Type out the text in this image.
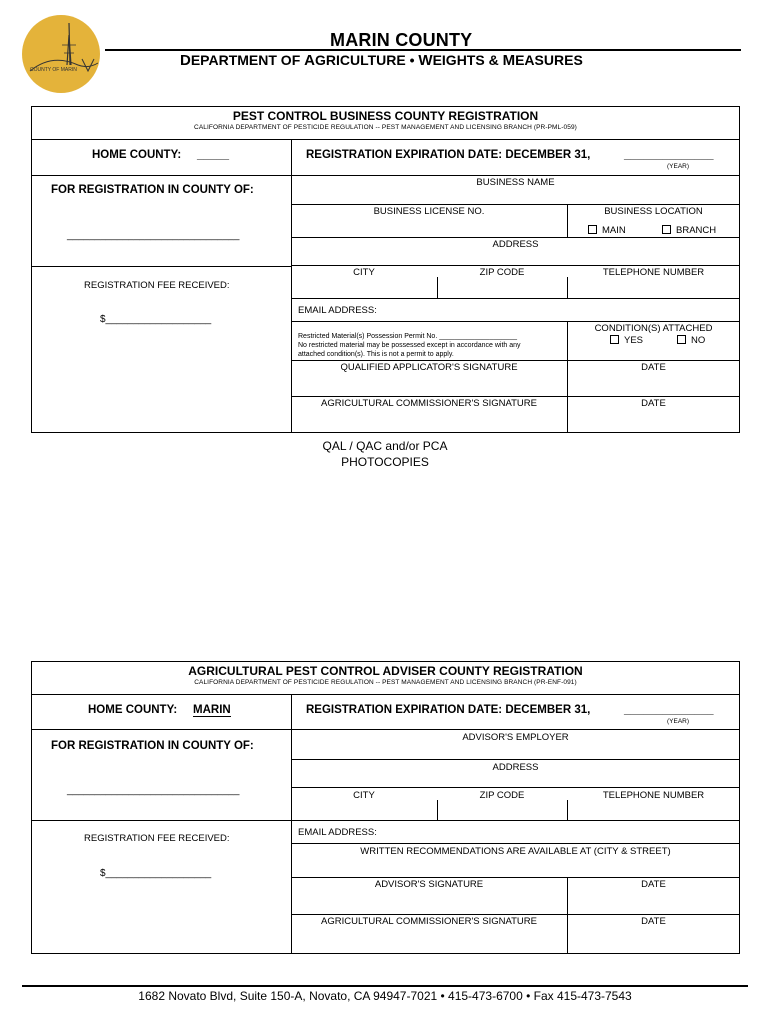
COUNTY OF MARIN
MARIN COUNTY
DEPARTMENT OF AGRICULTURE • WEIGHTS & MEASURES
PEST CONTROL BUSINESS COUNTY REGISTRATION
CALIFORNIA DEPARTMENT OF PESTICIDE REGULATION -- PEST MANAGEMENT AND LICENSING BRANCH (PR-PML-059)
HOME COUNTY: _____
FOR REGISTRATION IN COUNTY OF:
_______________________________
REGISTRATION FEE RECEIVED:
$___________________
REGISTRATION EXPIRATION DATE: DECEMBER 31,	______________
(YEAR)
BUSINESS NAME
BUSINESS LICENSE NO.	BUSINESS LOCATION
MAIN	BRANCH
ADDRESS
CITY	ZIP CODE	TELEPHONE NUMBER
EMAIL ADDRESS:
Restricted Material(s) Possession Permit No. ____________________
No restricted material may be possessed except in accordance with any
attached condition(s). This is not a permit to apply.
CONDITION(S) ATTACHED
YES	NO
QUALIFIED APPLICATOR'S SIGNATURE	DATE
AGRICULTURAL COMMISSIONER'S SIGNATURE	DATE
QAL / QAC and/or PCA
PHOTOCOPIES
AGRICULTURAL PEST CONTROL ADVISER COUNTY REGISTRATION
CALIFORNIA DEPARTMENT OF PESTICIDE REGULATION -- PEST MANAGEMENT AND LICENSING BRANCH (PR-ENF-091)
HOME COUNTY: MARIN
FOR REGISTRATION IN COUNTY OF:
_______________________________
REGISTRATION FEE RECEIVED:
$___________________
REGISTRATION EXPIRATION DATE: DECEMBER 31,	______________
(YEAR)
ADVISOR'S EMPLOYER
ADDRESS
CITY	ZIP CODE	TELEPHONE NUMBER
EMAIL ADDRESS:
WRITTEN RECOMMENDATIONS ARE AVAILABLE AT (CITY & STREET)
ADVISOR'S SIGNATURE	DATE
AGRICULTURAL COMMISSIONER'S SIGNATURE	DATE
1682 Novato Blvd, Suite 150-A, Novato, CA 94947-7021 • 415-473-6700 • Fax 415-473-7543
